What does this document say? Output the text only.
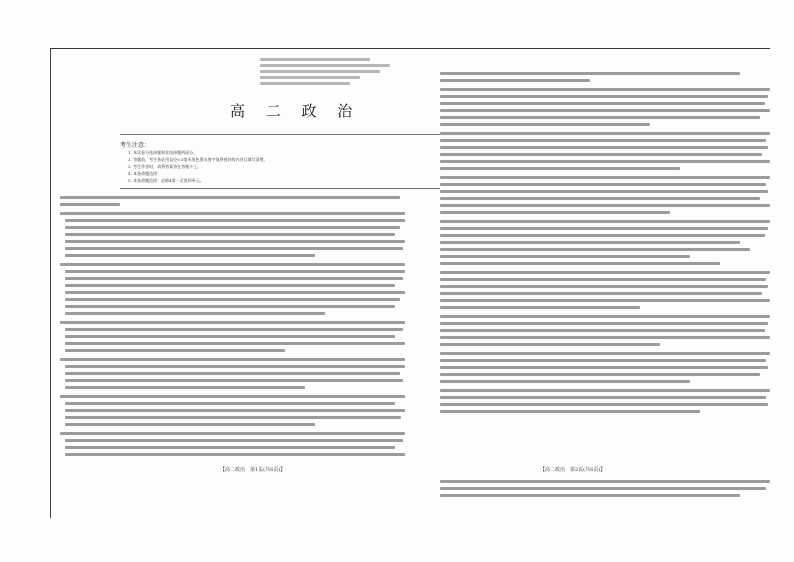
高 二 政 治
考生注意：
1. 本试卷分选择题和非选择题两部分。
2. 答题前，考生务必用直径0.5毫米黑色墨水签字笔将密封线内项目填写清楚。
3. 考生作答时，请将答案答在答题卡上。
4. 本卷命题范围：
5. 本卷命题范围：必修4第一至第四单元。
【高二政治　第1页(共6页)】	【高二政治　第2页(共6页)】
